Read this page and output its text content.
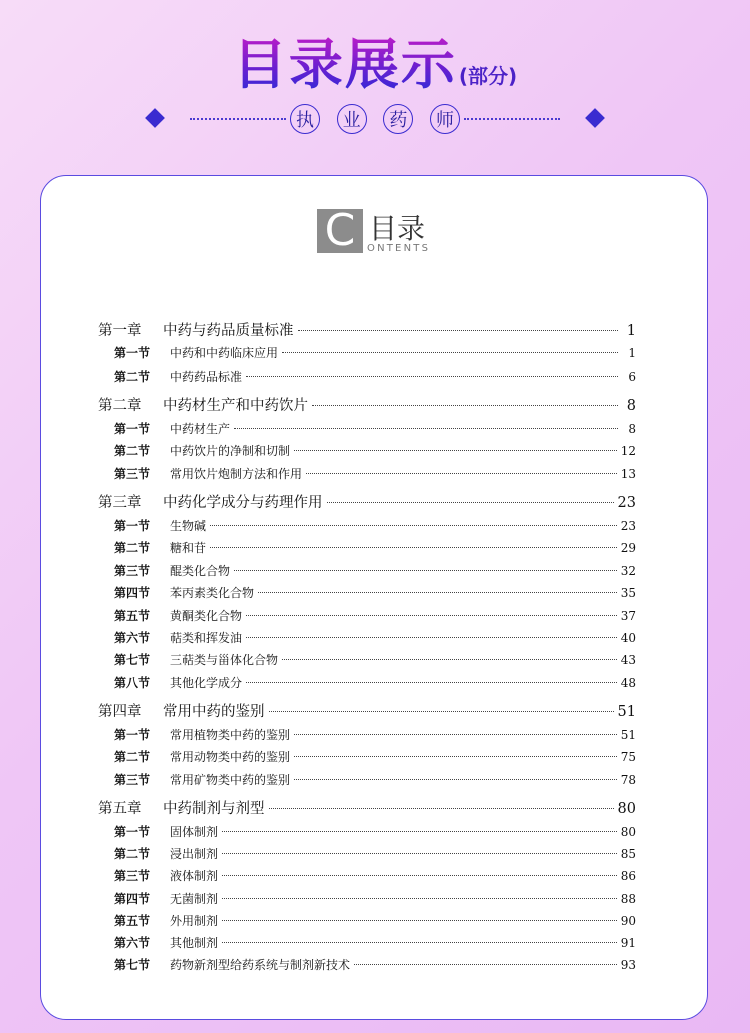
目录展示 (部分)
执	业	药	师
C 目录
ONTENTS
第一章	中药与药品质量标准	1
第一节	中药和中药临床应用	1
第二节	中药药品标准	6
第二章	中药材生产和中药饮片	8
第一节	中药材生产	8
第二节	中药饮片的净制和切制	12
第三节	常用饮片炮制方法和作用	13
第三章	中药化学成分与药理作用	23
第一节	生物碱	23
第二节	糖和苷	29
第三节	醌类化合物	32
第四节	苯丙素类化合物	35
第五节	黄酮类化合物	37
第六节	萜类和挥发油	40
第七节	三萜类与甾体化合物	43
第八节	其他化学成分	48
第四章	常用中药的鉴别	51
第一节	常用植物类中药的鉴别	51
第二节	常用动物类中药的鉴别	75
第三节	常用矿物类中药的鉴别	78
第五章	中药制剂与剂型	80
第一节	固体制剂	80
第二节	浸出制剂	85
第三节	液体制剂	86
第四节	无菌制剂	88
第五节	外用制剂	90
第六节	其他制剂	91
第七节	药物新剂型给药系统与制剂新技术	93
